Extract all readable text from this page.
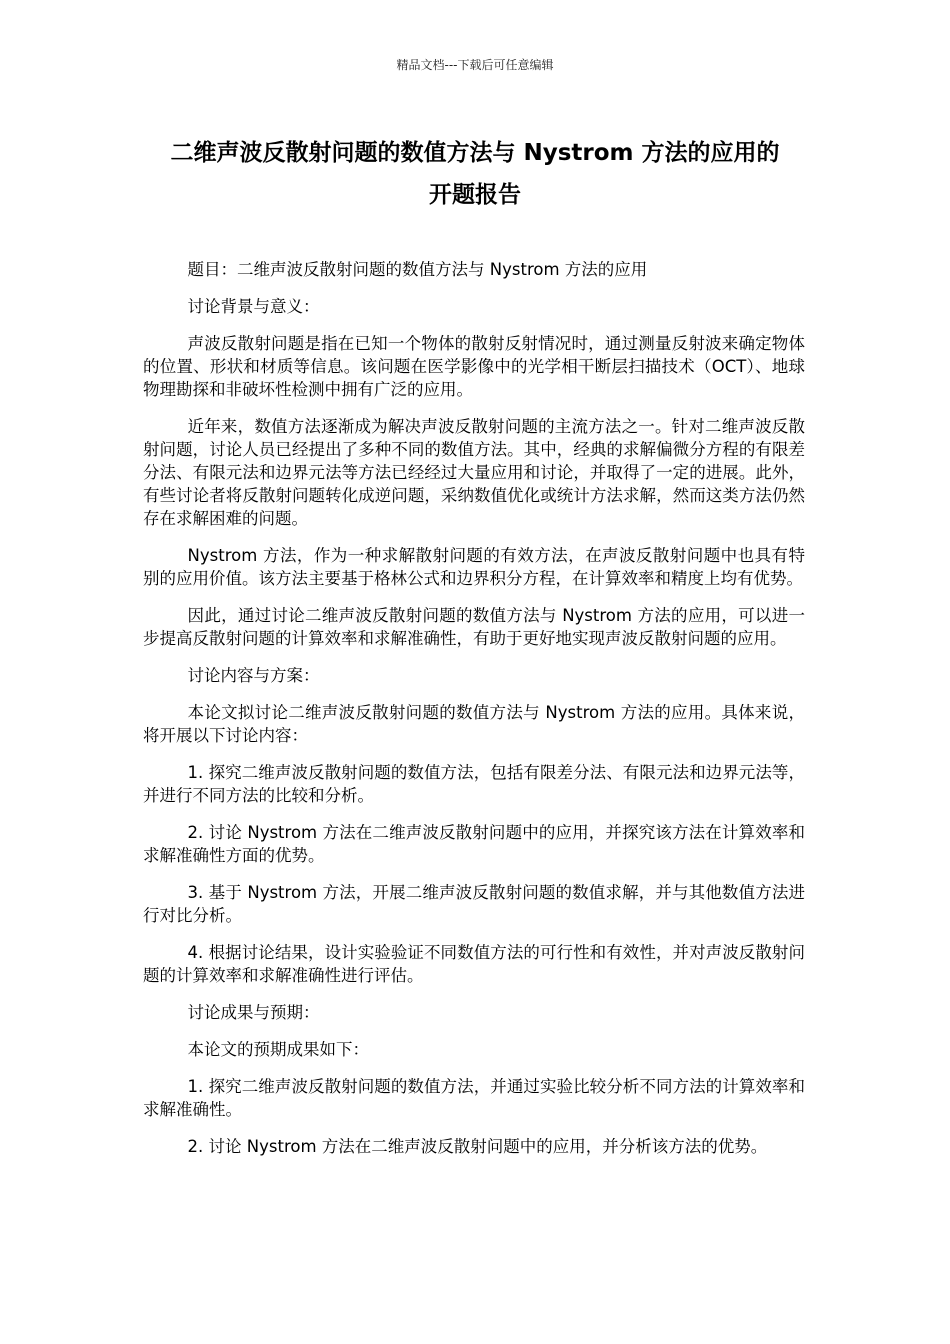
精品文档---下载后可任意编辑
二维声波反散射问题的数值方法与 Nystrom 方法的应用的
开题报告

题目：二维声波反散射问题的数值方法与 Nystrom 方法的应用

讨论背景与意义：

声波反散射问题是指在已知一个物体的散射反射情况时，通过测量反射波来确定物体的位置、形状和材质等信息。该问题在医学影像中的光学相干断层扫描技术（OCT）、地球物理勘探和非破坏性检测中拥有广泛的应用。

近年来，数值方法逐渐成为解决声波反散射问题的主流方法之一。针对二维声波反散射问题，讨论人员已经提出了多种不同的数值方法。其中，经典的求解偏微分方程的有限差分法、有限元法和边界元法等方法已经经过大量应用和讨论，并取得了一定的进展。此外，有些讨论者将反散射问题转化成逆问题，采纳数值优化或统计方法求解，然而这类方法仍然存在求解困难的问题。

Nystrom 方法，作为一种求解散射问题的有效方法，在声波反散射问题中也具有特别的应用价值。该方法主要基于格林公式和边界积分方程，在计算效率和精度上均有优势。

因此，通过讨论二维声波反散射问题的数值方法与 Nystrom 方法的应用，可以进一步提高反散射问题的计算效率和求解准确性，有助于更好地实现声波反散射问题的应用。

讨论内容与方案：

本论文拟讨论二维声波反散射问题的数值方法与 Nystrom 方法的应用。具体来说，将开展以下讨论内容：

1. 探究二维声波反散射问题的数值方法，包括有限差分法、有限元法和边界元法等，并进行不同方法的比较和分析。

2. 讨论 Nystrom 方法在二维声波反散射问题中的应用，并探究该方法在计算效率和求解准确性方面的优势。

3. 基于 Nystrom 方法，开展二维声波反散射问题的数值求解，并与其他数值方法进行对比分析。

4. 根据讨论结果，设计实验验证不同数值方法的可行性和有效性，并对声波反散射问题的计算效率和求解准确性进行评估。

讨论成果与预期：

本论文的预期成果如下：

1. 探究二维声波反散射问题的数值方法，并通过实验比较分析不同方法的计算效率和求解准确性。

2. 讨论 Nystrom 方法在二维声波反散射问题中的应用，并分析该方法的优势。
